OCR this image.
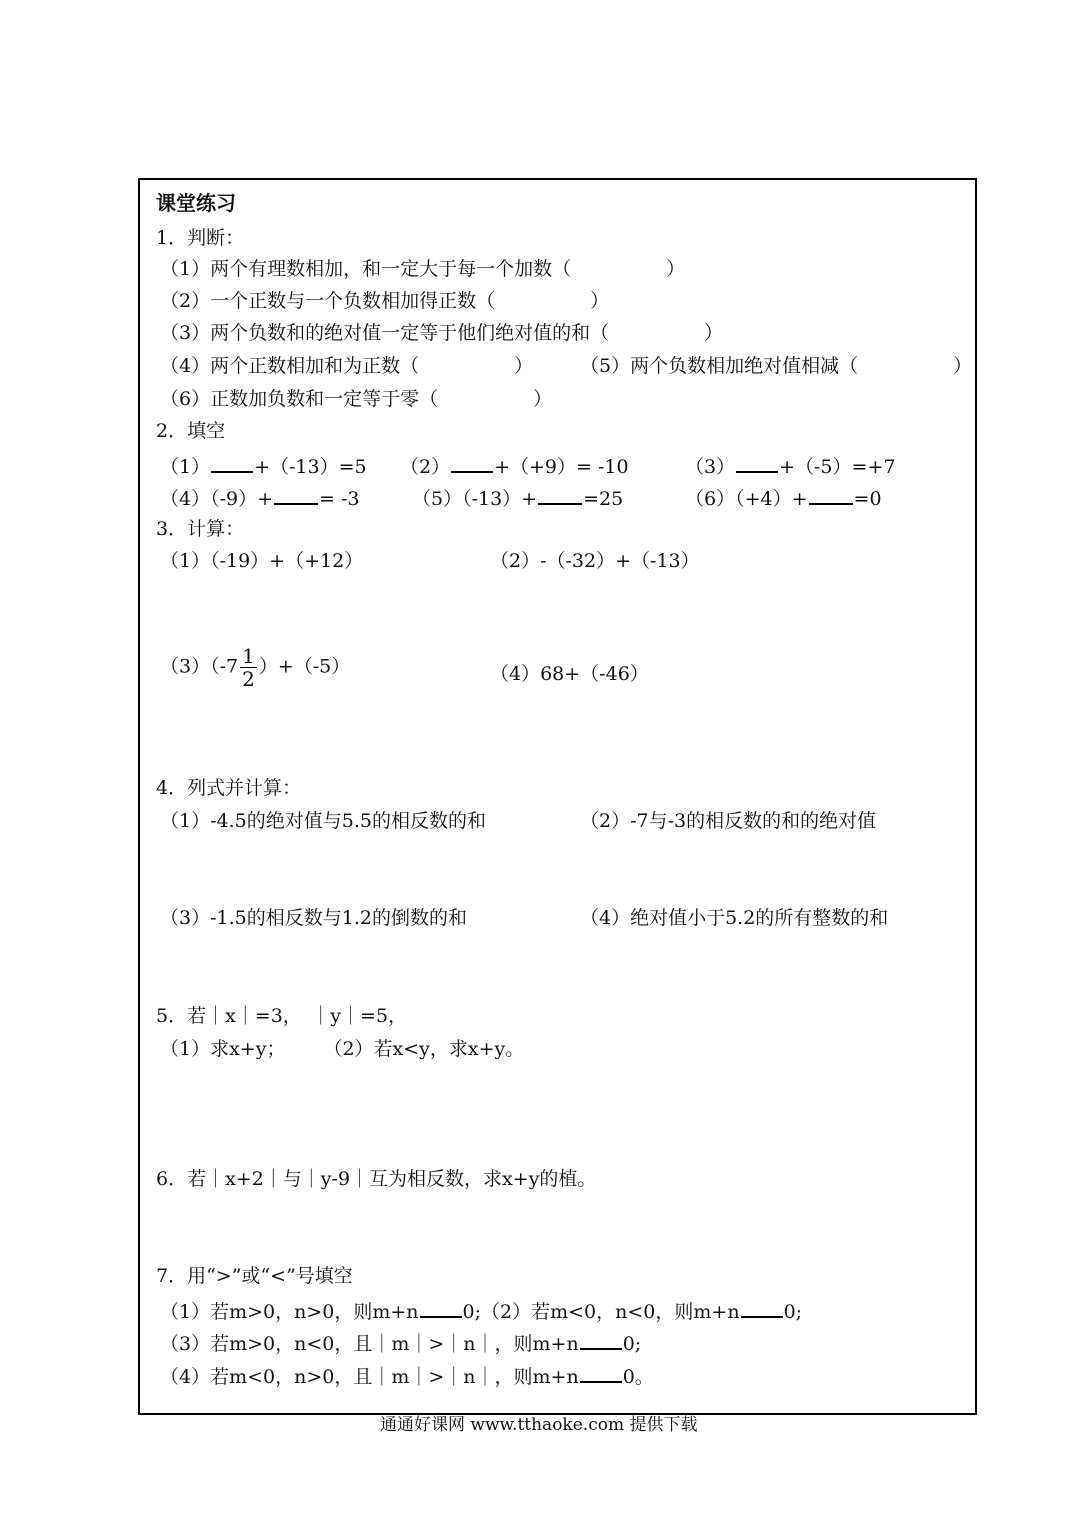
课堂练习
1．判断：
（1）两个有理数相加，和一定大于每一个加数（　　　　　）
（2）一个正数与一个负数相加得正数（　　　　　）
（3）两个负数和的绝对值一定等于他们绝对值的和（　　　　　）
（4）两个正数相加和为正数（　　　　　） （5）两个负数相加绝对值相减（　　　　　）
（6）正数加负数和一定等于零（　　　　　）
2．填空
（1） +（-13）=5 （2） +（+9）= -10	（3） +（-5）=+7
（4）（-9）+ = -3	（5）（-13）+ =25	（6）（+4）+ =0
3．计算：
（1）（-19）+（+12）	（2）-（-32）+（-13）
$(3)(-7 \frac{1}{2} )+(-5)$	（4）68+（-46）
4．列式并计算：
（1）-4.5的绝对值与5.5的相反数的和	（2）-7与-3的相反数的和的绝对值
（3）-1.5的相反数与1.2的倒数的和	（4）绝对值小于5.2的所有整数的和
5．若｜x｜=3，　｜y｜=5，
（1）求x+y；　　　（2）若x<y，求x+y。
6．若｜x+2｜与｜y-9｜互为相反数，求x+y的植。
7．用“>”或“<”号填空
（1）若m>0，n>0，则m+n 0;（2）若m<0，n<0，则m+n 0;
（3）若m>0，n<0，且｜m｜>｜n｜，则m+n 0;
（4）若m<0，n>0，且｜m｜>｜n｜，则m+n 0。
通通好课网 www.tthaoke.com 提供下载
